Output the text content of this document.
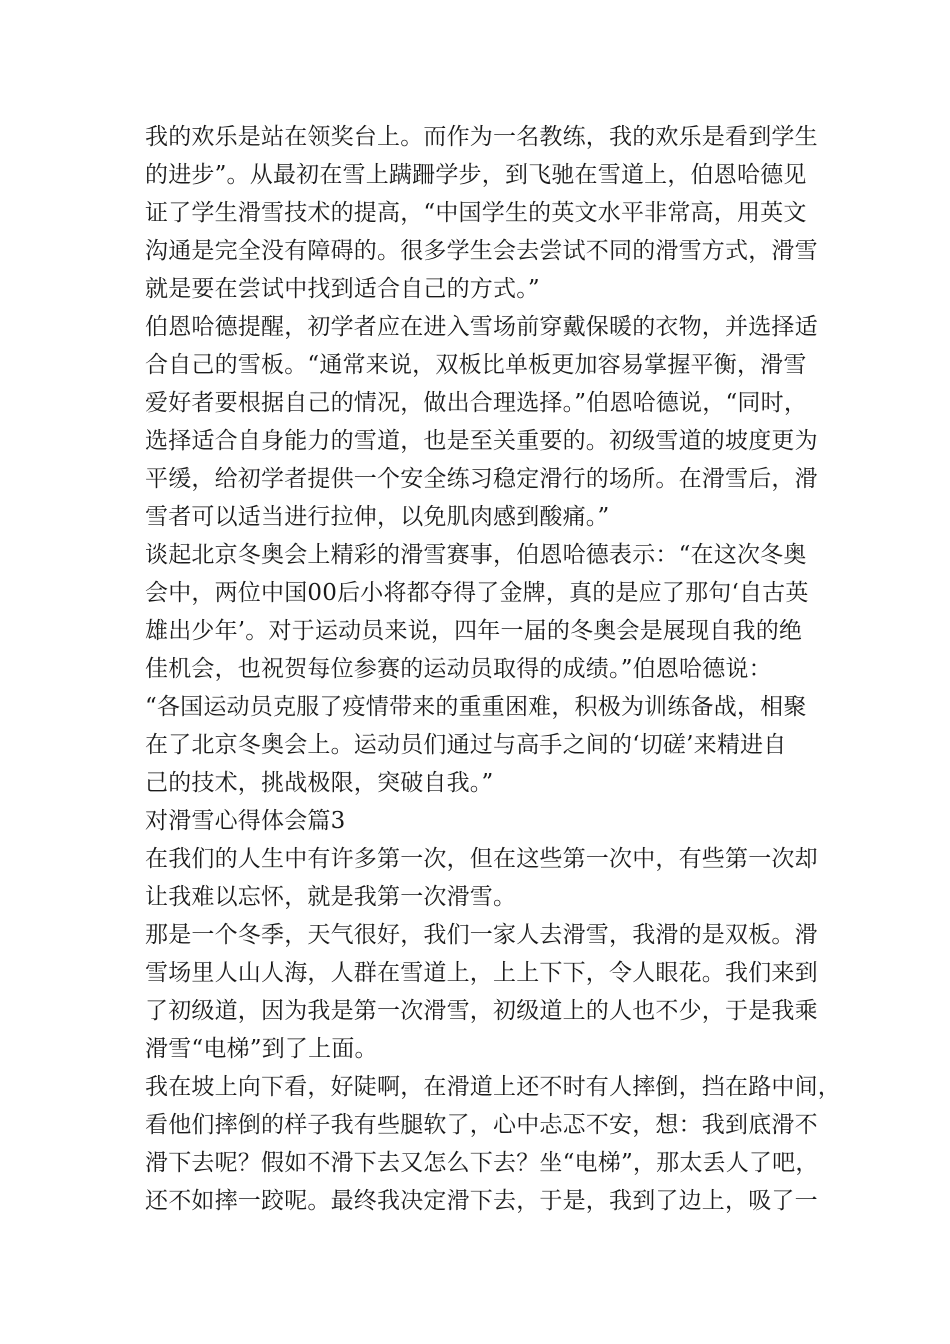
我的欢乐是站在领奖台上。而作为一名教练，我的欢乐是看到学生
的进步”。从最初在雪上蹒跚学步，到飞驰在雪道上，伯恩哈德见
证了学生滑雪技术的提高，“中国学生的英文水平非常高，用英文
沟通是完全没有障碍的。很多学生会去尝试不同的滑雪方式，滑雪
就是要在尝试中找到适合自己的方式。”
伯恩哈德提醒，初学者应在进入雪场前穿戴保暖的衣物，并选择适
合自己的雪板。“通常来说，双板比单板更加容易掌握平衡，滑雪
爱好者要根据自己的情况，做出合理选择。”伯恩哈德说，“同时，
选择适合自身能力的雪道，也是至关重要的。初级雪道的坡度更为
平缓，给初学者提供一个安全练习稳定滑行的场所。在滑雪后，滑
雪者可以适当进行拉伸，以免肌肉感到酸痛。”
谈起北京冬奥会上精彩的滑雪赛事，伯恩哈德表示：“在这次冬奥
会中，两位中国00后小将都夺得了金牌，真的是应了那句‘自古英
雄出少年’。对于运动员来说，四年一届的冬奥会是展现自我的绝
佳机会，也祝贺每位参赛的运动员取得的成绩。”伯恩哈德说：
“各国运动员克服了疫情带来的重重困难，积极为训练备战，相聚
在了北京冬奥会上。运动员们通过与高手之间的‘切磋’来精进自
己的技术，挑战极限，突破自我。”
对滑雪心得体会篇3
在我们的人生中有许多第一次，但在这些第一次中，有些第一次却
让我难以忘怀，就是我第一次滑雪。
那是一个冬季，天气很好，我们一家人去滑雪，我滑的是双板。滑
雪场里人山人海，人群在雪道上，上上下下，令人眼花。我们来到
了初级道，因为我是第一次滑雪，初级道上的人也不少，于是我乘
滑雪“电梯”到了上面。
我在坡上向下看，好陡啊，在滑道上还不时有人摔倒，挡在路中间，
看他们摔倒的样子我有些腿软了，心中忐忑不安，想：我到底滑不
滑下去呢？假如不滑下去又怎么下去？坐“电梯”，那太丢人了吧，
还不如摔一跤呢。最终我决定滑下去，于是，我到了边上，吸了一
